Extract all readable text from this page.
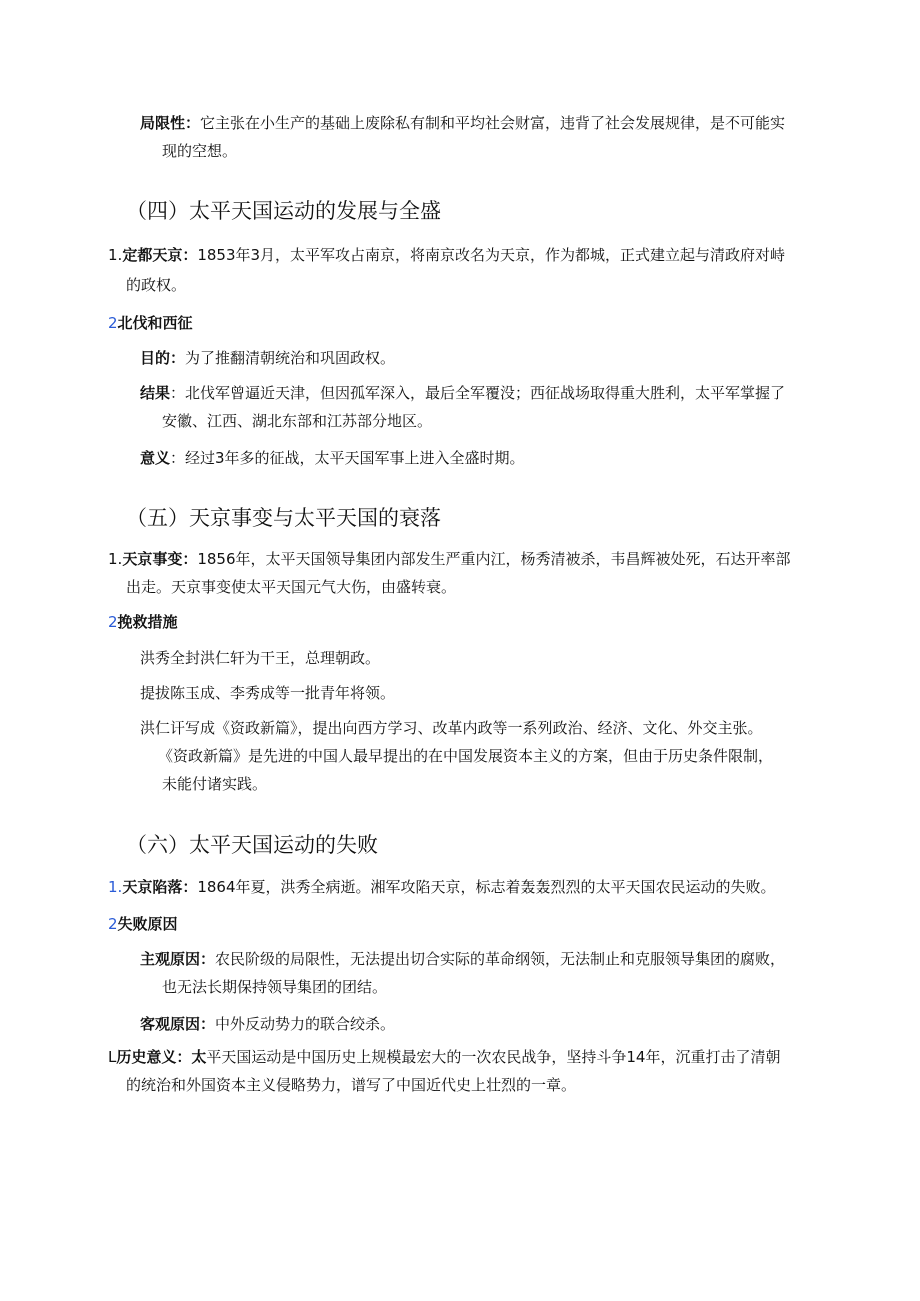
局限性：它主张在小生产的基础上废除私有制和平均社会财富，违背了社会发展规律，是不可能实
现的空想。
（四）太平天国运动的发展与全盛
1.定都天京：1853年3月，太平军攻占南京，将南京改名为天京，作为都城，正式建立起与清政府对峙
的政权。
2北伐和西征
目的：为了推翻清朝统治和巩固政权。
结果：北伐军曾逼近天津，但因孤军深入，最后全军覆没；西征战场取得重大胜利，太平军掌握了
安徽、江西、湖北东部和江苏部分地区。
意义：经过3年多的征战，太平天国军事上进入全盛时期。
（五）天京事变与太平天国的衰落
1.天京事变：1856年，太平天国领导集团内部发生严重内江，杨秀清被杀，韦昌辉被处死，石达开率部
出走。天京事变使太平天国元气大伤，由盛转衰。
2挽救措施
洪秀全封洪仁轩为干王，总理朝政。
提拔陈玉成、李秀成等一批青年将领。
洪仁讦写成《资政新篇》，提出向西方学习、改革内政等一系列政治、经济、文化、外交主张。
《资政新篇》是先进的中国人最早提出的在中国发展资本主义的方案，但由于历史条件限制，
未能付诸实践。
（六）太平天国运动的失败
1.天京陷落：1864年夏，洪秀全病逝。湘军攻陷天京，标志着轰轰烈烈的太平天国农民运动的失败。
2失败原因
主观原因：农民阶级的局限性，无法提出切合实际的革命纲领，无法制止和克服领导集团的腐败，
也无法长期保持领导集团的团结。
客观原因：中外反动势力的联合绞杀。
L历史意义：太平天国运动是中国历史上规模最宏大的一次农民战争，坚持斗争14年，沉重打击了清朝
的统治和外国资本主义侵略势力，谱写了中国近代史上壮烈的一章。
